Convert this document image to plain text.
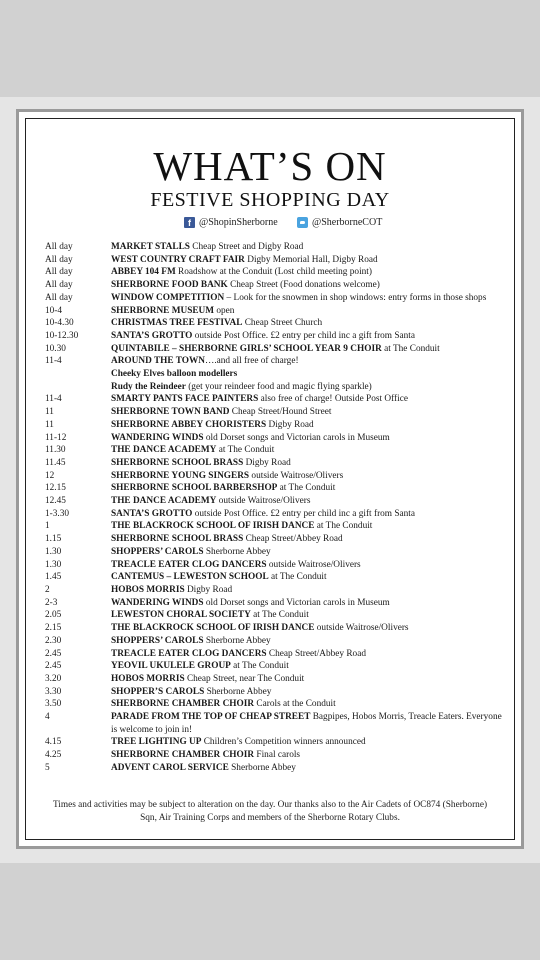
WHAT’S ON
FESTIVE SHOPPING DAY
f @ShopinSherborne	@SherborneCOT
All day	MARKET STALLS Cheap Street and Digby Road
All day	WEST COUNTRY CRAFT FAIR Digby Memorial Hall, Digby Road
All day	ABBEY 104 FM Roadshow at the Conduit (Lost child meeting point)
All day	SHERBORNE FOOD BANK Cheap Street (Food donations welcome)
All day	WINDOW COMPETITION – Look for the snowmen in shop windows: entry forms in those shops
10-4	SHERBORNE MUSEUM open
10-4.30	CHRISTMAS TREE FESTIVAL Cheap Street Church
10-12.30	SANTA’S GROTTO outside Post Office. £2 entry per child inc a gift from Santa
10.30	QUINTABILE – SHERBORNE GIRLS’ SCHOOL YEAR 9 CHOIR at The Conduit
11-4	AROUND THE TOWN….and all free of charge!
Cheeky Elves balloon modellers
Rudy the Reindeer (get your reindeer food and magic flying sparkle)
11-4	SMARTY PANTS FACE PAINTERS also free of charge! Outside Post Office
11	SHERBORNE TOWN BAND Cheap Street/Hound Street
11	SHERBORNE ABBEY CHORISTERS Digby Road
11-12	WANDERING WINDS old Dorset songs and Victorian carols in Museum
11.30	THE DANCE ACADEMY at The Conduit
11.45	SHERBORNE SCHOOL BRASS Digby Road
12	SHERBORNE YOUNG SINGERS outside Waitrose/Olivers
12.15	SHERBORNE SCHOOL BARBERSHOP at The Conduit
12.45	THE DANCE ACADEMY outside Waitrose/Olivers
1-3.30	SANTA’S GROTTO outside Post Office. £2 entry per child inc a gift from Santa
1	THE BLACKROCK SCHOOL OF IRISH DANCE at The Conduit
1.15	SHERBORNE SCHOOL BRASS Cheap Street/Abbey Road
1.30	SHOPPERS’ CAROLS Sherborne Abbey
1.30	TREACLE EATER CLOG DANCERS outside Waitrose/Olivers
1.45	CANTEMUS – LEWESTON SCHOOL at The Conduit
2	HOBOS MORRIS Digby Road
2-3	WANDERING WINDS old Dorset songs and Victorian carols in Museum
2.05	LEWESTON CHORAL SOCIETY at The Conduit
2.15	THE BLACKROCK SCHOOL OF IRISH DANCE outside Waitrose/Olivers
2.30	SHOPPERS’ CAROLS Sherborne Abbey
2.45	TREACLE EATER CLOG DANCERS Cheap Street/Abbey Road
2.45	YEOVIL UKULELE GROUP at The Conduit
3.20	HOBOS MORRIS Cheap Street, near The Conduit
3.30	SHOPPER’S CAROLS Sherborne Abbey
3.50	SHERBORNE CHAMBER CHOIR Carols at the Conduit
4	PARADE FROM THE TOP OF CHEAP STREET Bagpipes, Hobos Morris, Treacle Eaters. Everyone is welcome to join in!
4.15	TREE LIGHTING UP Children’s Competition winners announced
4.25	SHERBORNE CHAMBER CHOIR Final carols
5	ADVENT CAROL SERVICE Sherborne Abbey
Times and activities may be subject to alteration on the day. Our thanks also to the Air Cadets of OC874 (Sherborne) Sqn, Air Training Corps and members of the Sherborne Rotary Clubs.
